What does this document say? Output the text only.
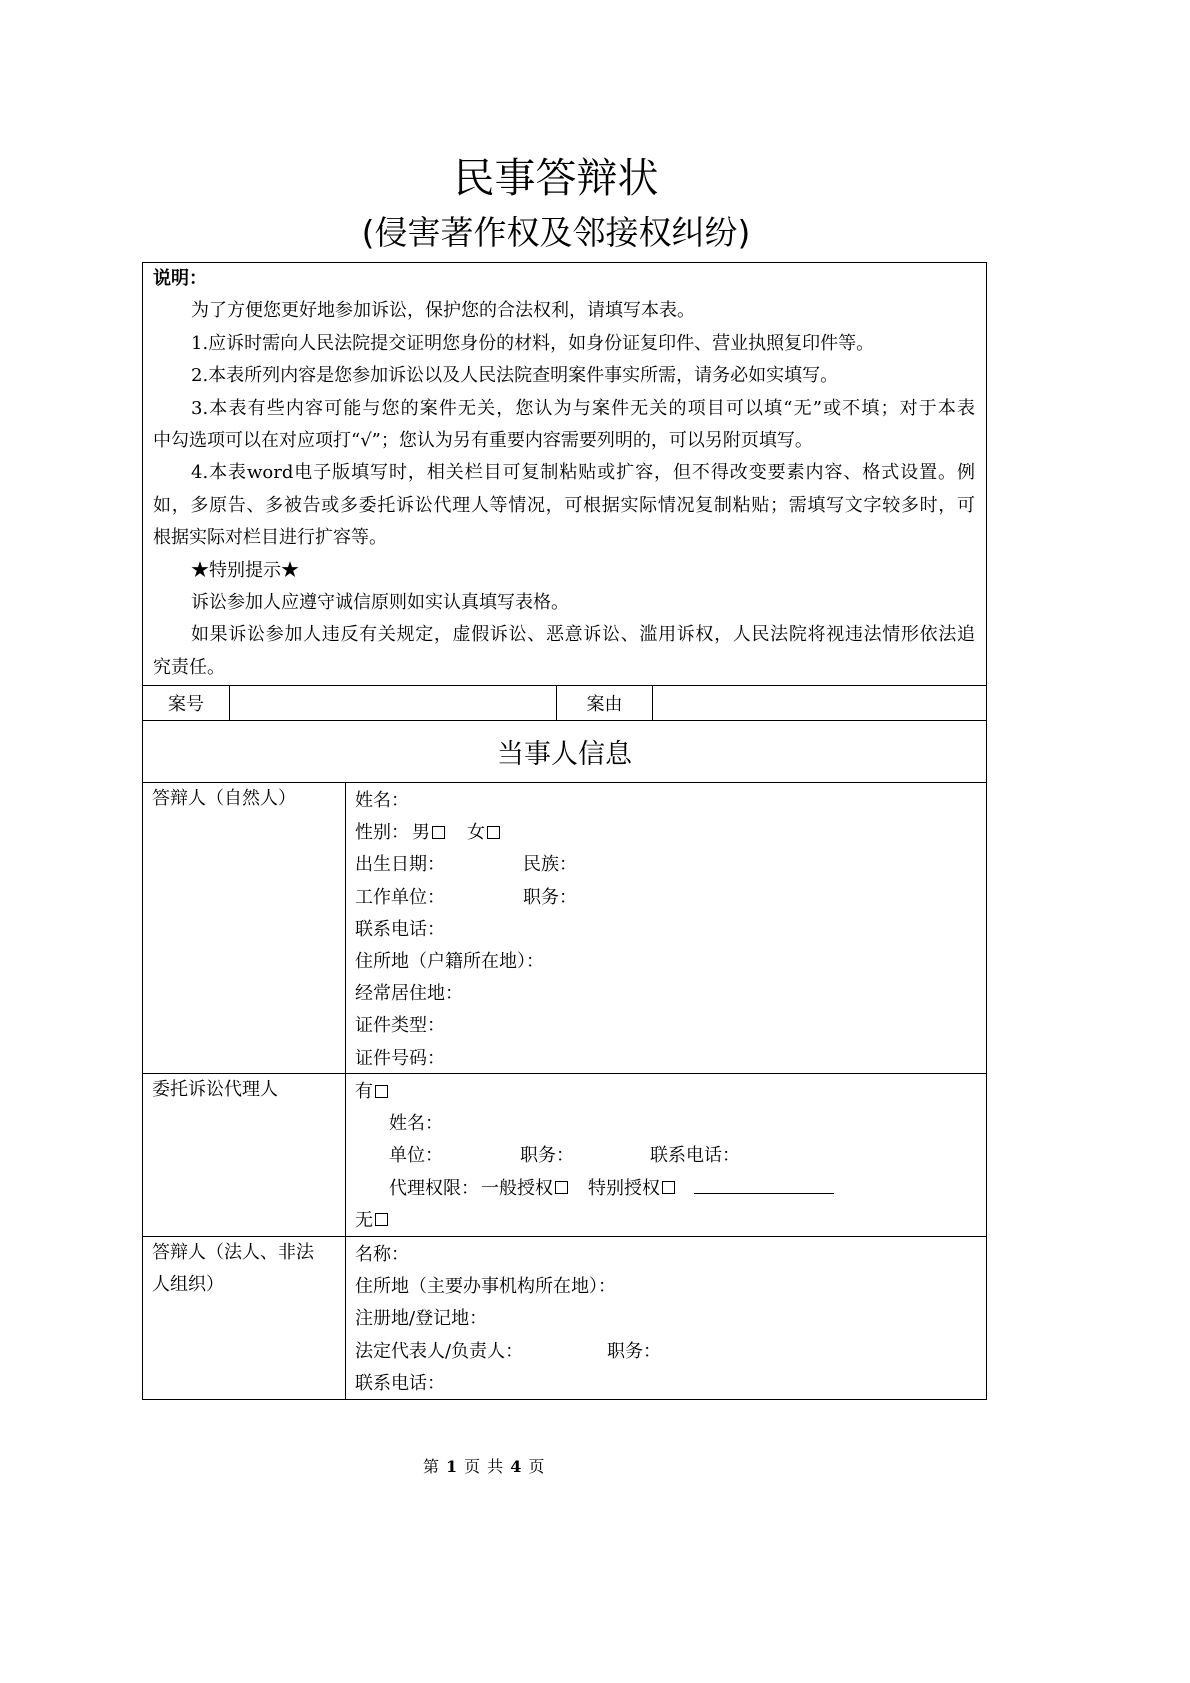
民事答辩状
(侵害著作权及邻接权纠纷)
说明：
为了方便您更好地参加诉讼，保护您的合法权利，请填写本表。
1.应诉时需向人民法院提交证明您身份的材料，如身份证复印件、营业执照复印件等。
2.本表所列内容是您参加诉讼以及人民法院查明案件事实所需，请务必如实填写。
3.本表有些内容可能与您的案件无关，您认为与案件无关的项目可以填“无”或不填；对于本表
中勾选项可以在对应项打“√”；您认为另有重要内容需要列明的，可以另附页填写。
4.本表word电子版填写时，相关栏目可复制粘贴或扩容，但不得改变要素内容、格式设置。例
如，多原告、多被告或多委托诉讼代理人等情况，可根据实际情况复制粘贴；需填写文字较多时，可
根据实际对栏目进行扩容等。
★特别提示★
诉讼参加人应遵守诚信原则如实认真填写表格。
如果诉讼参加人违反有关规定，虚假诉讼、恶意诉讼、滥用诉权，人民法院将视违法情形依法追
究责任。
案号	案由
当事人信息
答辩人（自然人）	姓名：
性别： 男 女
出生日期：	民族：
工作单位：	职务：
联系电话：
住所地（户籍所在地）：
经常居住地：
证件类型：
证件号码：
委托诉讼代理人	有
姓名：
单位：	职务：	联系电话：
代理权限： 一般授权 特别授权
无
答辩人（法人、非法人组织）
名称：
住所地（主要办事机构所在地）：
注册地/登记地：
法定代表人/负责人：	职务：
联系电话：
第 1 页 共 4 页
